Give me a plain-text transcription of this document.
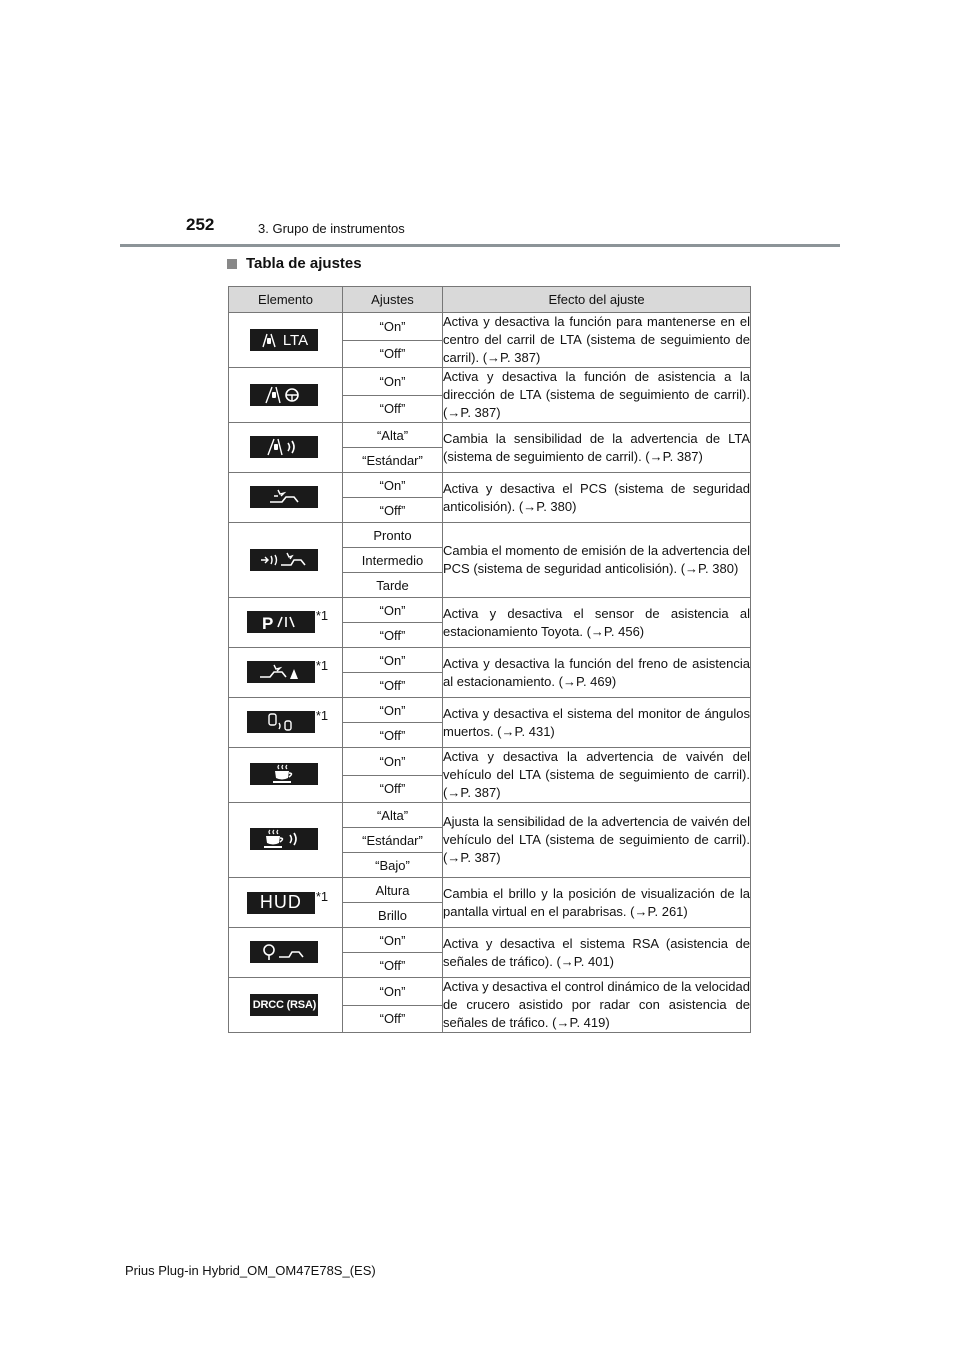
252	3. Grupo de instrumentos
Tabla de ajustes
Elemento	Ajustes	Efecto del ajuste

LTA	“On”	Activa y desactiva la función para mantenerse en el centro del carril de LTA (sistema de seguimiento de carril). (→P. 387)
	“Off”	

	“On”	Activa y desactiva la función de asistencia a la dirección de LTA (sistema de seguimiento de carril). (→P. 387)
	“Off”	

	“Alta”	Cambia la sensibilidad de la advertencia de LTA (sistema de seguimiento de carril). (→P. 387)
	“Estándar”	

	“On”	Activa y desactiva el PCS (sistema de seguridad anticolisión). (→P. 380)
	“Off”	

	Pronto	Cambia el momento de emisión de la advertencia del PCS (sistema de seguridad anticolisión). (→P. 380)
	Intermedio	
	Tarde	

P *1	“On”	Activa y desactiva el sensor de asistencia al estacionamiento Toyota. (→P. 456)
	“Off”	

*1	“On”	Activa y desactiva la función del freno de asistencia al estacionamiento. (→P. 469)
	“Off”	

*1	“On”	Activa y desactiva el sistema del monitor de ángulos muertos. (→P. 431)
	“Off”	

	“On”	Activa y desactiva la advertencia de vaivén del vehículo del LTA (sistema de seguimiento de carril). (→P. 387)
	“Off”	

	“Alta”	Ajusta la sensibilidad de la advertencia de vaivén del vehículo del LTA (sistema de seguimiento de carril). (→P. 387)
	“Estándar”	
	“Bajo”	

HUD *1	Altura	Cambia el brillo y la posición de visualización de la pantalla virtual en el parabrisas. (→P. 261)
	Brillo	

	“On”	Activa y desactiva el sistema RSA (asistencia de señales de tráfico). (→P. 401)
	“Off”	

DRCC (RSA)	“On”	Activa y desactiva el control dinámico de la velocidad de crucero asistido por radar con asistencia de señales de tráfico. (→P. 419)
	“Off”	
Prius Plug-in Hybrid_OM_OM47E78S_(ES)
